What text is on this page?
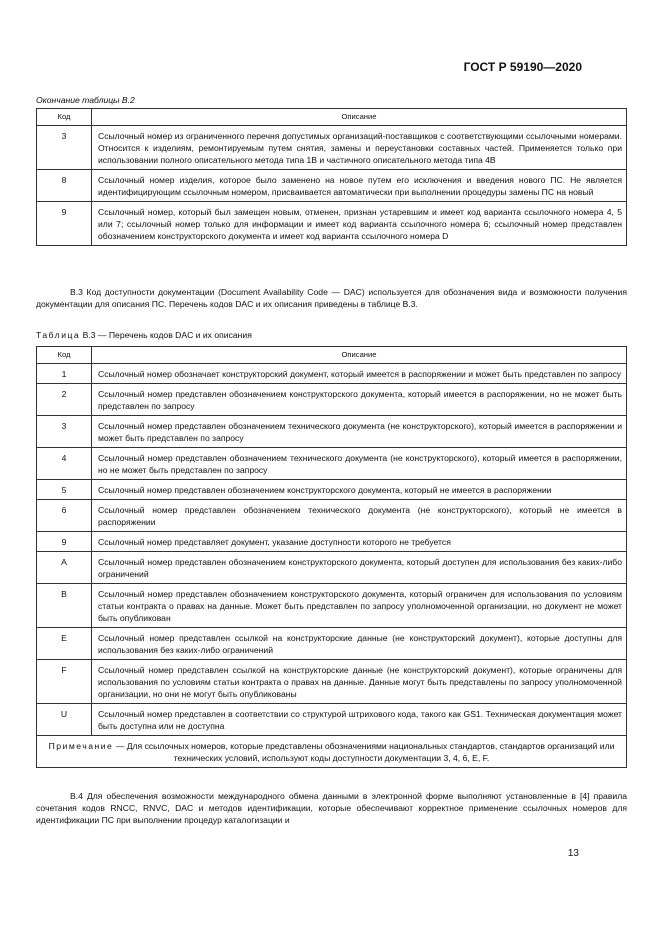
ГОСТ Р 59190—2020
Окончание таблицы В.2
Код	Описание
3	Ссылочный номер из ограниченного перечня допустимых организаций-поставщиков с соответствующими ссылочными номерами. Относится к изделиям, ремонтируемым путем снятия, замены и переустановки составных частей. Применяется только при использовании полного описательного метода типа 1В и частичного описательного метода типа 4В
8	Ссылочный номер изделия, которое было заменено на новое путем его исключения и введения нового ПС. Не является идентифицирующим ссылочным номером, присваивается автоматически при выполнении процедуры замены ПС на новый
9	Ссылочный номер, который был замещен новым, отменен, признан устаревшим и имеет код варианта ссылочного номера 4, 5 или 7; ссылочный номер только для информации и имеет код варианта ссылочного номера 6; ссылочный номер представлен обозначением конструкторского документа и имеет код варианта ссылочного номера D

В.3 Код доступности документации (Document Availability Code — DAC) используется для обозначения вида и возможности получения документации для описания ПС. Перечень кодов DAC и их описания приведены в таблице В.3.

Таблица В.3 — Перечень кодов DAC и их описания
Код	Описание
1	Ссылочный номер обозначает конструкторский документ, который имеется в распоряжении и может быть представлен по запросу
2	Ссылочный номер представлен обозначением конструкторского документа, который имеется в распоряжении, но не может быть представлен по запросу
3	Ссылочный номер представлен обозначением технического документа (не конструкторского), который имеется в распоряжении и может быть представлен по запросу
4	Ссылочный номер представлен обозначением технического документа (не конструкторского), который имеется в распоряжении, но не может быть представлен по запросу
5	Ссылочный номер представлен обозначением конструкторского документа, который не имеется в распоряжении
6	Ссылочный номер представлен обозначением технического документа (не конструкторского), который не имеется в распоряжении
9	Ссылочный номер представляет документ, указание доступности которого не требуется
A	Ссылочный номер представлен обозначением конструкторского документа, который доступен для использования без каких-либо ограничений
B	Ссылочный номер представлен обозначением конструкторского документа, который ограничен для использования по условиям статьи контракта о правах на данные. Может быть представлен по запросу уполномоченной организации, но документ не может быть опубликован
E	Ссылочный номер представлен ссылкой на конструкторские данные (не конструкторский документ), которые доступны для использования без каких-либо ограничений
F	Ссылочный номер представлен ссылкой на конструкторские данные (не конструкторский документ), которые ограничены для использования по условиям статьи контракта о правах на данные. Данные могут быть представлены по запросу уполномоченной организации, но они не могут быть опубликованы
U	Ссылочный номер представлен в соответствии со структурой штрихового кода, такого как GS1. Техническая документация может быть доступна или не доступна
Примечание — Для ссылочных номеров, которые представлены обозначениями национальных стандартов, стандартов организаций или технических условий, используют коды доступности документации 3, 4, 6, E, F.	

В.4 Для обеспечения возможности международного обмена данными в электронной форме выполняют установленные в [4] правила сочетания кодов RNCC, RNVC, DAC и методов идентификации, которые обеспечивают корректное применение ссылочных номеров для идентификации ПС при выполнении процедур каталогизации и

13
